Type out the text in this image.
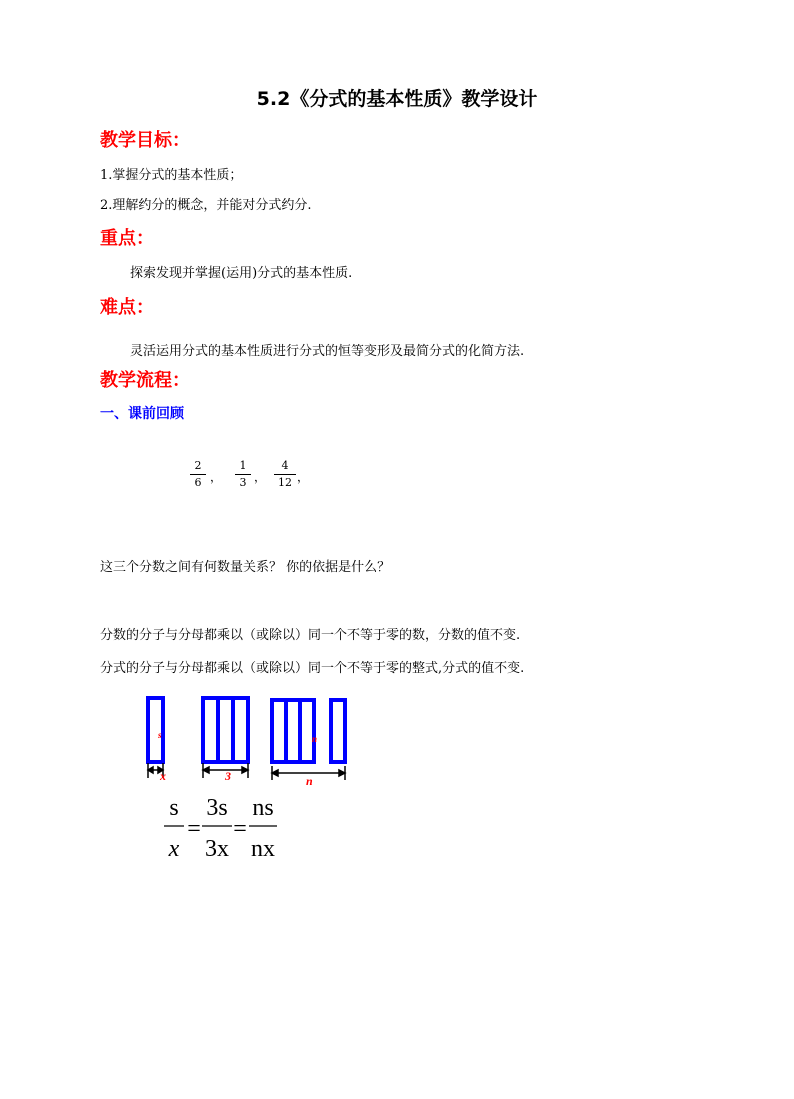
5.2《分式的基本性质》教学设计
教学目标：
1.掌握分式的基本性质；
2.理解约分的概念，并能对分式约分.
重点：
探索发现并掌握(运用)分式的基本性质.
难点：
灵活运用分式的基本性质进行分式的恒等变形及最简分式的化简方法.
教学流程：
一、课前回顾
2
6 ，
1
3 ，
4
12 ，
这三个分数之间有何数量关系？ 你的依据是什么？
分数的分子与分母都乘以（或除以）同一个不等于零的数，分数的值不变.
分式的分子与分母都乘以（或除以）同一个不等于零的整式,分式的值不变.
s
x	3
n
n
s
x
3s
3x
ns
nx
= =
